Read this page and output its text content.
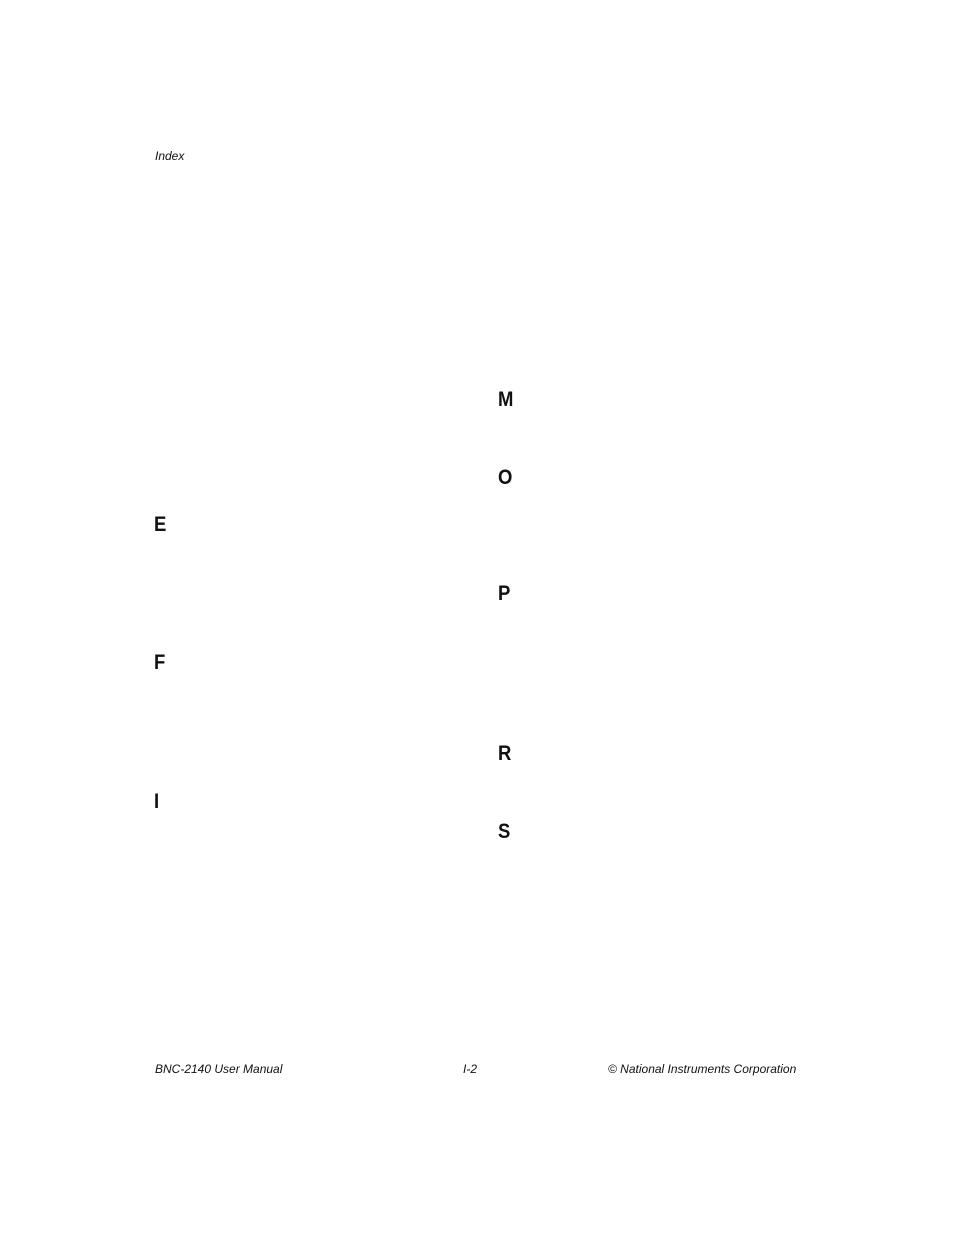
Index
E
F
I
M
O
P
R
S
BNC-2140 User Manual	I-2	© National Instruments Corporation
